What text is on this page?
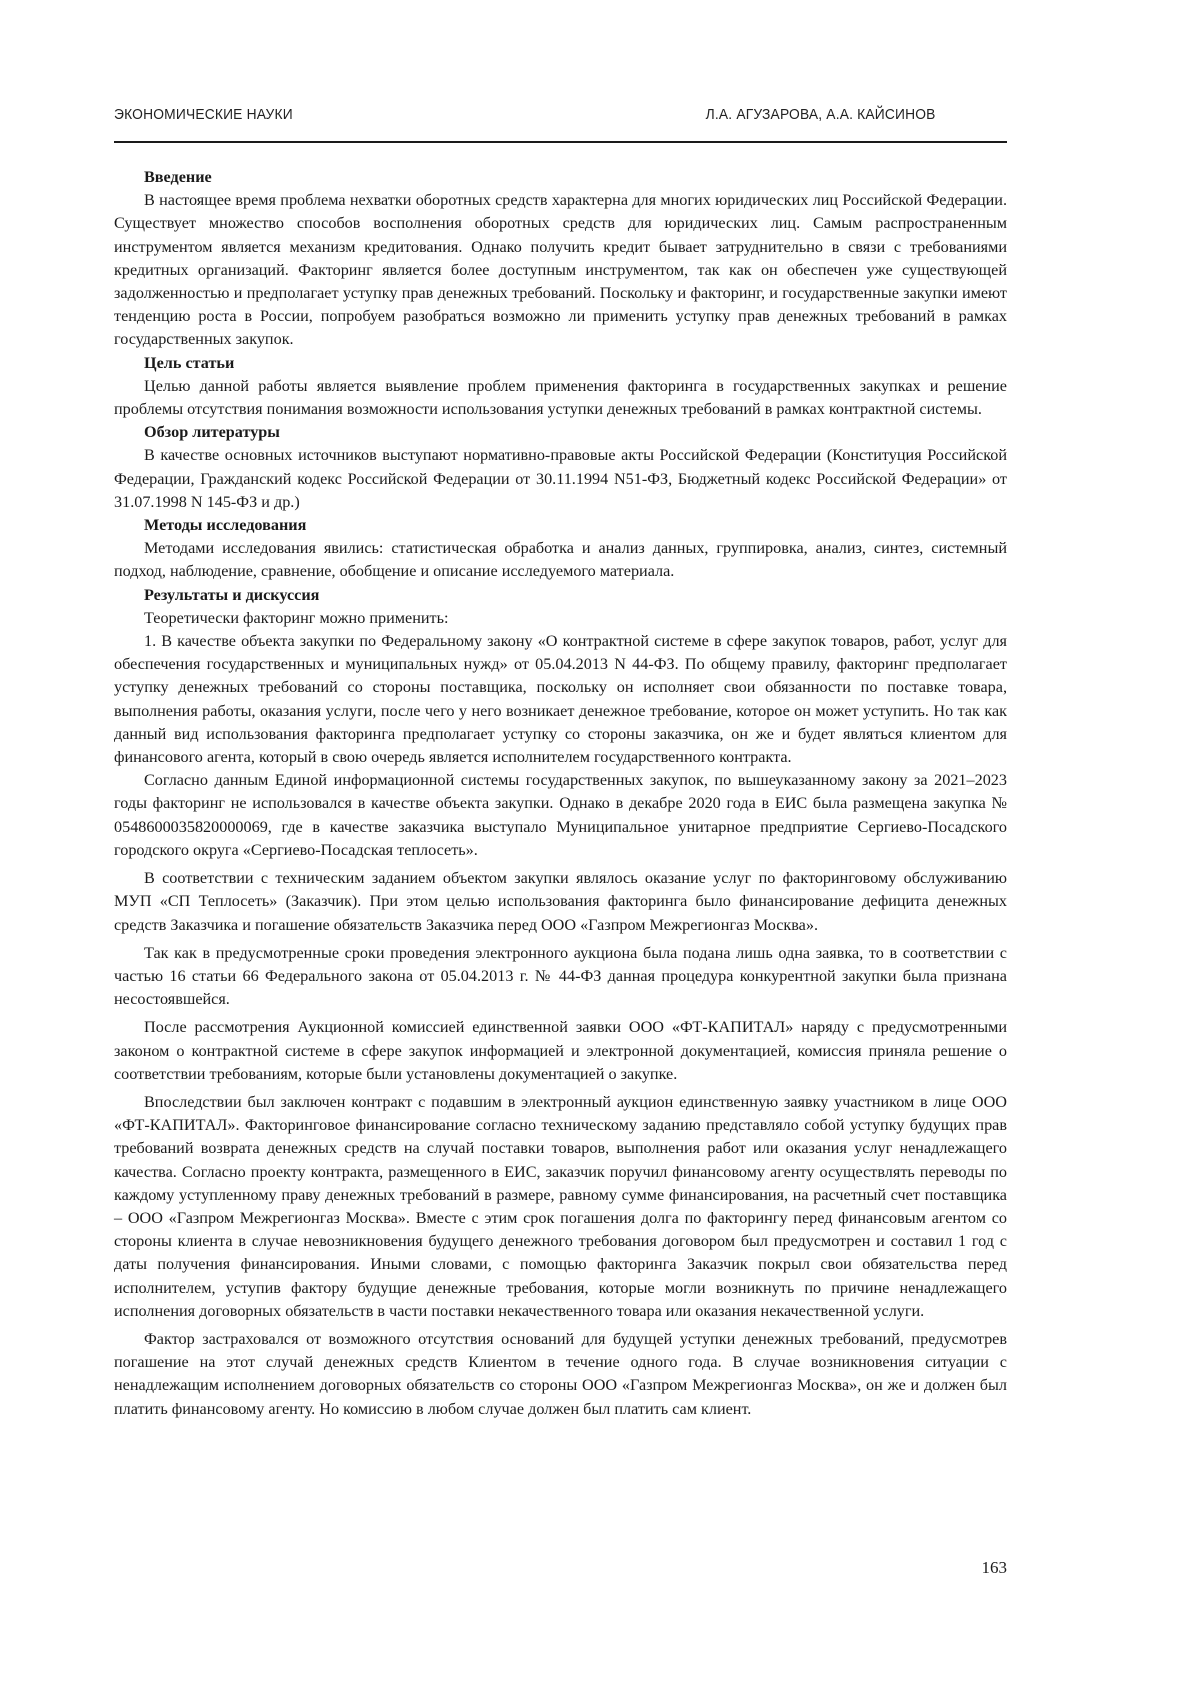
ЭКОНОМИЧЕСКИЕ НАУКИ	Л.А. АГУЗАРОВА, А.А. КАЙСИНОВ
Введение

В настоящее время проблема нехватки оборотных средств характерна для многих юридических лиц Российской Федерации. Существует множество способов восполнения оборотных средств для юридических лиц. Самым распространенным инструментом является механизм кредитования. Однако получить кредит бывает затруднительно в связи с требованиями кредитных организаций. Факторинг является более доступным инструментом, так как он обеспечен уже существующей задолженностью и предполагает уступку прав денежных требований. Поскольку и факторинг, и государственные закупки имеют тенденцию роста в России, попробуем разобраться возможно ли применить уступку прав денежных требований в рамках государственных закупок.

Цель статьи

Целью данной работы является выявление проблем применения факторинга в государственных закупках и решение проблемы отсутствия понимания возможности использования уступки денежных требований в рамках контрактной системы.

Обзор литературы

В качестве основных источников выступают нормативно-правовые акты Российской Федерации (Конституция Российской Федерации, Гражданский кодекс Российской Федерации от 30.11.1994 N51-ФЗ, Бюджетный кодекс Российской Федерации» от 31.07.1998 N 145-ФЗ и др.)

Методы исследования

Методами исследования явились: статистическая обработка и анализ данных, группировка, анализ, синтез, системный подход, наблюдение, сравнение, обобщение и описание исследуемого материала.

Результаты и дискуссия

Теоретически факторинг можно применить:

1. В качестве объекта закупки по Федеральному закону «О контрактной системе в сфере закупок товаров, работ, услуг для обеспечения государственных и муниципальных нужд» от 05.04.2013 N 44-ФЗ. По общему правилу, факторинг предполагает уступку денежных требований со стороны поставщика, поскольку он исполняет свои обязанности по поставке товара, выполнения работы, оказания услуги, после чего у него возникает денежное требование, которое он может уступить. Но так как данный вид использования факторинга предполагает уступку со стороны заказчика, он же и будет являться клиентом для финансового агента, который в свою очередь является исполнителем государственного контракта.

Согласно данным Единой информационной системы государственных закупок, по вышеуказанному закону за 2021–2023 годы факторинг не использовался в качестве объекта закупки. Однако в декабре 2020 года в ЕИС была размещена закупка № 0548600035820000069, где в качестве заказчика выступало Муниципальное унитарное предприятие Сергиево-Посадского городского округа «Сергиево-Посадская теплосеть».

В соответствии с техническим заданием объектом закупки являлось оказание услуг по факторинговому обслуживанию МУП «СП Теплосеть» (Заказчик). При этом целью использования факторинга было финансирование дефицита денежных средств Заказчика и погашение обязательств Заказчика перед ООО «Газпром Межрегионгаз Москва».

Так как в предусмотренные сроки проведения электронного аукциона была подана лишь одна заявка, то в соответствии с частью 16 статьи 66 Федерального закона от 05.04.2013 г. № 44-ФЗ данная процедура конкурентной закупки была признана несостоявшейся.

После рассмотрения Аукционной комиссией единственной заявки ООО «ФТ-КАПИТАЛ» наряду с предусмотренными законом о контрактной системе в сфере закупок информацией и электронной документацией, комиссия приняла решение о соответствии требованиям, которые были установлены документацией о закупке.

Впоследствии был заключен контракт с подавшим в электронный аукцион единственную заявку участником в лице ООО «ФТ-КАПИТАЛ». Факторинговое финансирование согласно техническому заданию представляло собой уступку будущих прав требований возврата денежных средств на случай поставки товаров, выполнения работ или оказания услуг ненадлежащего качества. Согласно проекту контракта, размещенного в ЕИС, заказчик поручил финансовому агенту осуществлять переводы по каждому уступленному праву денежных требований в размере, равному сумме финансирования, на расчетный счет поставщика – ООО «Газпром Межрегионгаз Москва». Вместе с этим срок погашения долга по факторингу перед финансовым агентом со стороны клиента в случае невозникновения будущего денежного требования договором был предусмотрен и составил 1 год с даты получения финансирования. Иными словами, с помощью факторинга Заказчик покрыл свои обязательства перед исполнителем, уступив фактору будущие денежные требования, которые могли возникнуть по причине ненадлежащего исполнения договорных обязательств в части поставки некачественного товара или оказания некачественной услуги.

Фактор застраховался от возможного отсутствия оснований для будущей уступки денежных требований, предусмотрев погашение на этот случай денежных средств Клиентом в течение одного года. В случае возникновения ситуации с ненадлежащим исполнением договорных обязательств со стороны ООО «Газпром Межрегионгаз Москва», он же и должен был платить финансовому агенту. Но комиссию в любом случае должен был платить сам клиент.

163
